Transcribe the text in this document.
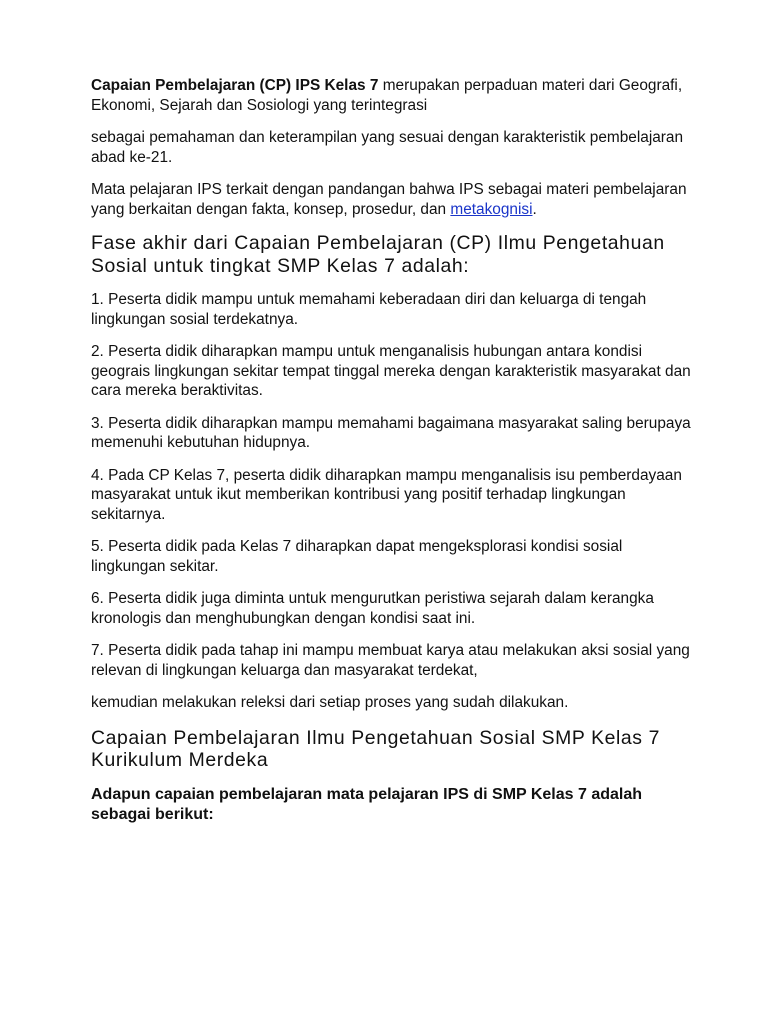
Capaian Pembelajaran (CP) IPS Kelas 7 merupakan perpaduan materi dari Geografi, Ekonomi, Sejarah dan Sosiologi yang terintegrasi

sebagai pemahaman dan keterampilan yang sesuai dengan karakteristik pembelajaran abad ke-21.

Mata pelajaran IPS terkait dengan pandangan bahwa IPS sebagai materi pembelajaran yang berkaitan dengan fakta, konsep, prosedur, dan metakognisi.

Fase akhir dari Capaian Pembelajaran (CP) Ilmu Pengetahuan Sosial untuk tingkat SMP Kelas 7 adalah:

1. Peserta didik mampu untuk memahami keberadaan diri dan keluarga di tengah lingkungan sosial terdekatnya.

2. Peserta didik diharapkan mampu untuk menganalisis hubungan antara kondisi geograis lingkungan sekitar tempat tinggal mereka dengan karakteristik masyarakat dan cara mereka beraktivitas.

3. Peserta didik diharapkan mampu memahami bagaimana masyarakat saling berupaya memenuhi kebutuhan hidupnya.

4. Pada CP Kelas 7, peserta didik diharapkan mampu menganalisis isu pemberdayaan masyarakat untuk ikut memberikan kontribusi yang positif terhadap lingkungan sekitarnya.

5. Peserta didik pada Kelas 7 diharapkan dapat mengeksplorasi kondisi sosial lingkungan sekitar.

6. Peserta didik juga diminta untuk mengurutkan peristiwa sejarah dalam kerangka kronologis dan menghubungkan dengan kondisi saat ini.

7. Peserta didik pada tahap ini mampu membuat karya atau melakukan aksi sosial yang relevan di lingkungan keluarga dan masyarakat terdekat,

kemudian melakukan releksi dari setiap proses yang sudah dilakukan.

Capaian Pembelajaran Ilmu Pengetahuan Sosial SMP Kelas 7 Kurikulum Merdeka

Adapun capaian pembelajaran mata pelajaran IPS di SMP Kelas 7 adalah sebagai berikut:
